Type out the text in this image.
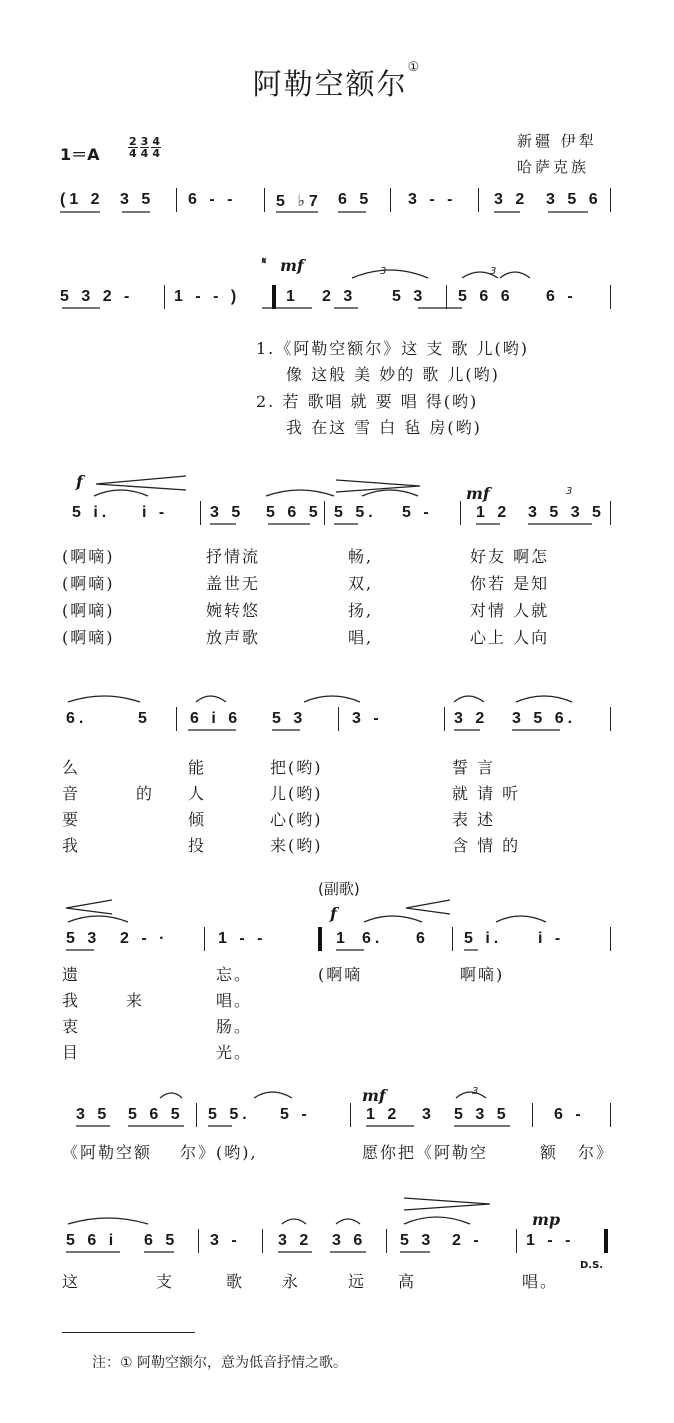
阿勒空额尔①
1＝A	$\frac{2}{4} \frac{3}{4} \frac{4}{4}$	新疆 伊犁
哈萨克族
(1 2 3 5 6 - - 5 ♭7 6 5 3 - - 3 2 3 5 6
5 3 2 -	1 - - )	1 2 3 5 3 5 6 6 6 -
1.《阿勒空额尔》这 支 歌 儿(哟)
像 这般 美 妙的 歌 儿(哟)
2. 若 歌唱 就 要 唱 得(哟)
我 在这 雪 白 毡 房(哟)
5 i. i -	3 5 5 6 5 5 5. 5 -	1 2 3 5 3 5
(啊嘀)	抒情流	畅,	好友 啊怎
(啊嘀)	盖世无	双,	你若 是知
(啊嘀)	婉转悠	扬,	对情 人就
(啊嘀)	放声歌	唱,	心上 人向
6.	5 6 i 6 5 3	3 -	3 2 3 5 6.
么	能	把(哟)	誓 言
音	的 人	儿(哟)	就 请 听
要	倾	心(哟)	表 述
我	投	来(哟)	含 情 的
(副歌)
5 3 2 - ·	1 - -	1 6. 6 5 i. i -
遗	忘。	(啊嘀	啊嘀)
我	来	唱。
衷	肠。
目	光。
3 5 5 6 5 5 5. 5 -	1 2 3 5 3 5	6 -
《阿勒空额 尔》(哟),	愿你把《阿勒空	额 尔》
5 6 i 6 5 3 - 3 2 3 6 5 3 2 -	1 - -
这	支	歌 永	远 高	唱。
mf
𝄋
f
mf
f
mf
mp
D.S.
3	3
3
3
注：① 阿勒空额尔，意为低音抒情之歌。
